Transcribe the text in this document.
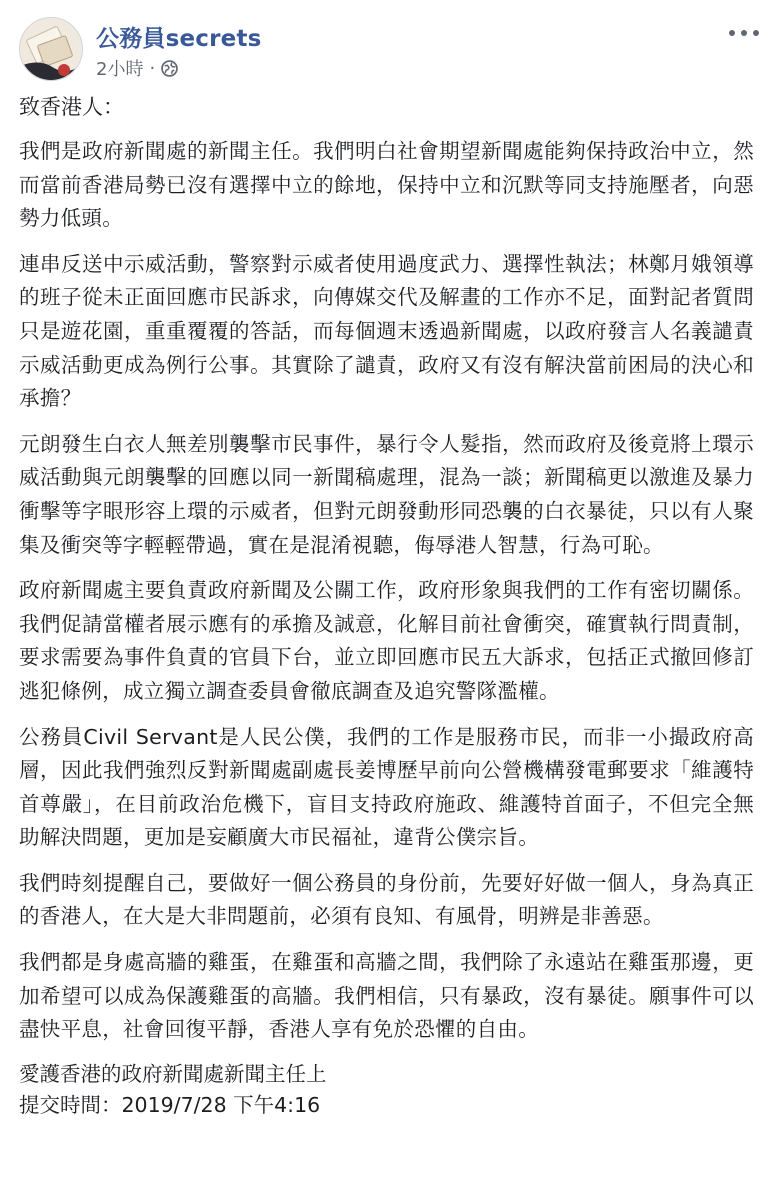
公務員secrets
2小時 ·

致香港人：

我們是政府新聞處的新聞主任。我們明白社會期望新聞處能夠保持政治中立，然而當前香港局勢已沒有選擇中立的餘地，保持中立和沉默等同支持施壓者，向惡勢力低頭。

連串反送中示威活動，警察對示威者使用過度武力、選擇性執法；林鄭月娥領導的班子從未正面回應市民訴求，向傳媒交代及解畫的工作亦不足，面對記者質問只是遊花園，重重覆覆的答話，而每個週末透過新聞處，以政府發言人名義譴責示威活動更成為例行公事。其實除了譴責，政府又有沒有解決當前困局的決心和承擔？

元朗發生白衣人無差別襲擊市民事件，暴行令人髮指，然而政府及後竟將上環示威活動與元朗襲擊的回應以同一新聞稿處理，混為一談；新聞稿更以激進及暴力衝擊等字眼形容上環的示威者，但對元朗發動形同恐襲的白衣暴徒，只以有人聚集及衝突等字輕輕帶過，實在是混淆視聽，侮辱港人智慧，行為可恥。

政府新聞處主要負責政府新聞及公關工作，政府形象與我們的工作有密切關係。我們促請當權者展示應有的承擔及誠意，化解目前社會衝突，確實執行問責制，要求需要為事件負責的官員下台，並立即回應市民五大訴求，包括正式撤回修訂逃犯條例，成立獨立調查委員會徹底調查及追究警隊濫權。

公務員Civil Servant是人民公僕，我們的工作是服務市民，而非一小撮政府高層，因此我們強烈反對新聞處副處長姜博歷早前向公營機構發電郵要求「維護特首尊嚴」，在目前政治危機下，盲目支持政府施政、維護特首面子，不但完全無助解決問題，更加是妄顧廣大市民福祉，違背公僕宗旨。

我們時刻提醒自己，要做好一個公務員的身份前，先要好好做一個人，身為真正的香港人，在大是大非問題前，必須有良知、有風骨，明辨是非善惡。

我們都是身處高牆的雞蛋，在雞蛋和高牆之間，我們除了永遠站在雞蛋那邊，更加希望可以成為保護雞蛋的高牆。我們相信，只有暴政，沒有暴徒。願事件可以盡快平息，社會回復平靜，香港人享有免於恐懼的自由。

愛護香港的政府新聞處新聞主任上
提交時間：2019/7/28 下午4:16
